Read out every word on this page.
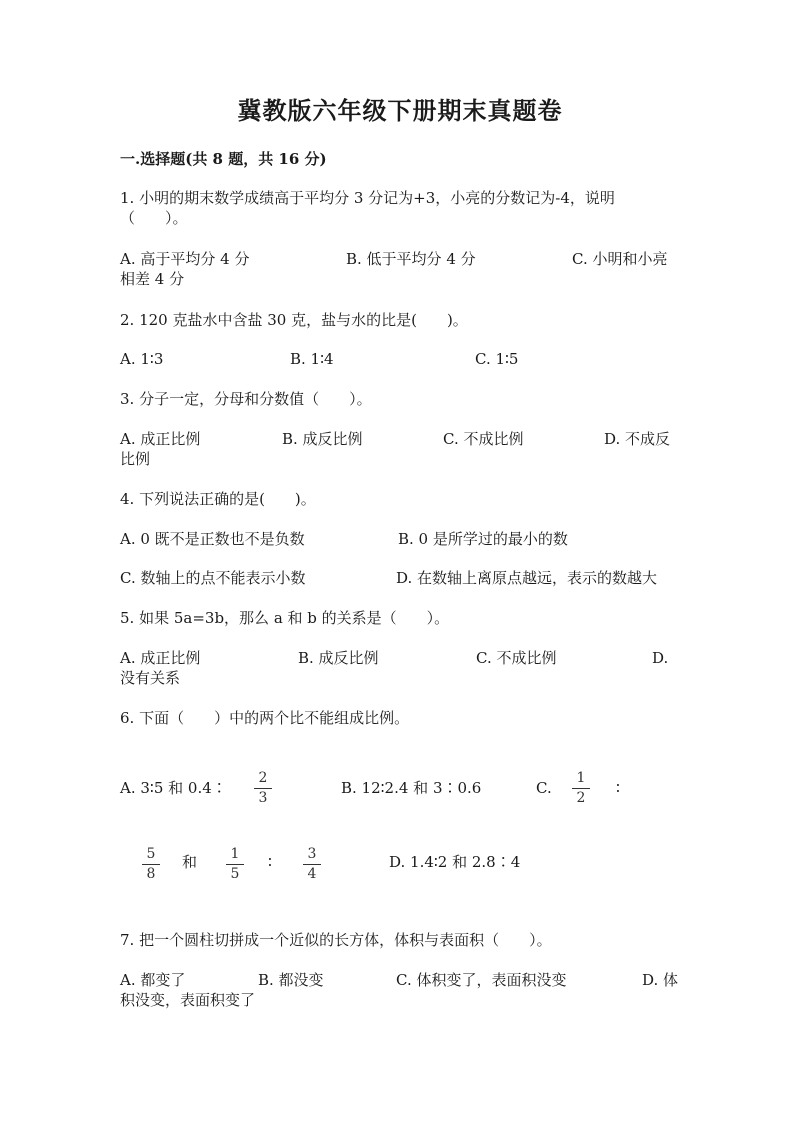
冀教版六年级下册期末真题卷
一.选择题(共 8 题，共 16 分)
1. 小明的期末数学成绩高于平均分 3 分记为+3，小亮的分数记为-4，说明
（　　）。
A. 高于平均分 4 分	B. 低于平均分 4 分	C. 小明和小亮
相差 4 分
2. 120 克盐水中含盐 30 克，盐与水的比是(　　)。
A. 1∶3	B. 1∶4	C. 1∶5
3. 分子一定，分母和分数值（　　）。
A. 成正比例	B. 成反比例	C. 不成比例	D. 不成反
比例
4. 下列说法正确的是(　　)。
A. 0 既不是正数也不是负数	B. 0 是所学过的最小的数
C. 数轴上的点不能表示小数	D. 在数轴上离原点越远，表示的数越大
5. 如果 5a=3b，那么 a 和 b 的关系是（　　）。
A. 成正比例	B. 成反比例	C. 不成比例	D.
没有关系
6. 下面（　　）中的两个比不能组成比例。
A. 3∶5 和 0.4∶
2
3
B. 12∶2.4 和 3∶0.6	C.
1
2
∶
5
8
和	1
5
∶	3
4
D. 1.4∶2 和 2.8∶4
7. 把一个圆柱切拼成一个近似的长方体，体积与表面积（　　）。
A. 都变了	B. 都没变	C. 体积变了，表面积没变	D. 体
积没变，表面积变了
